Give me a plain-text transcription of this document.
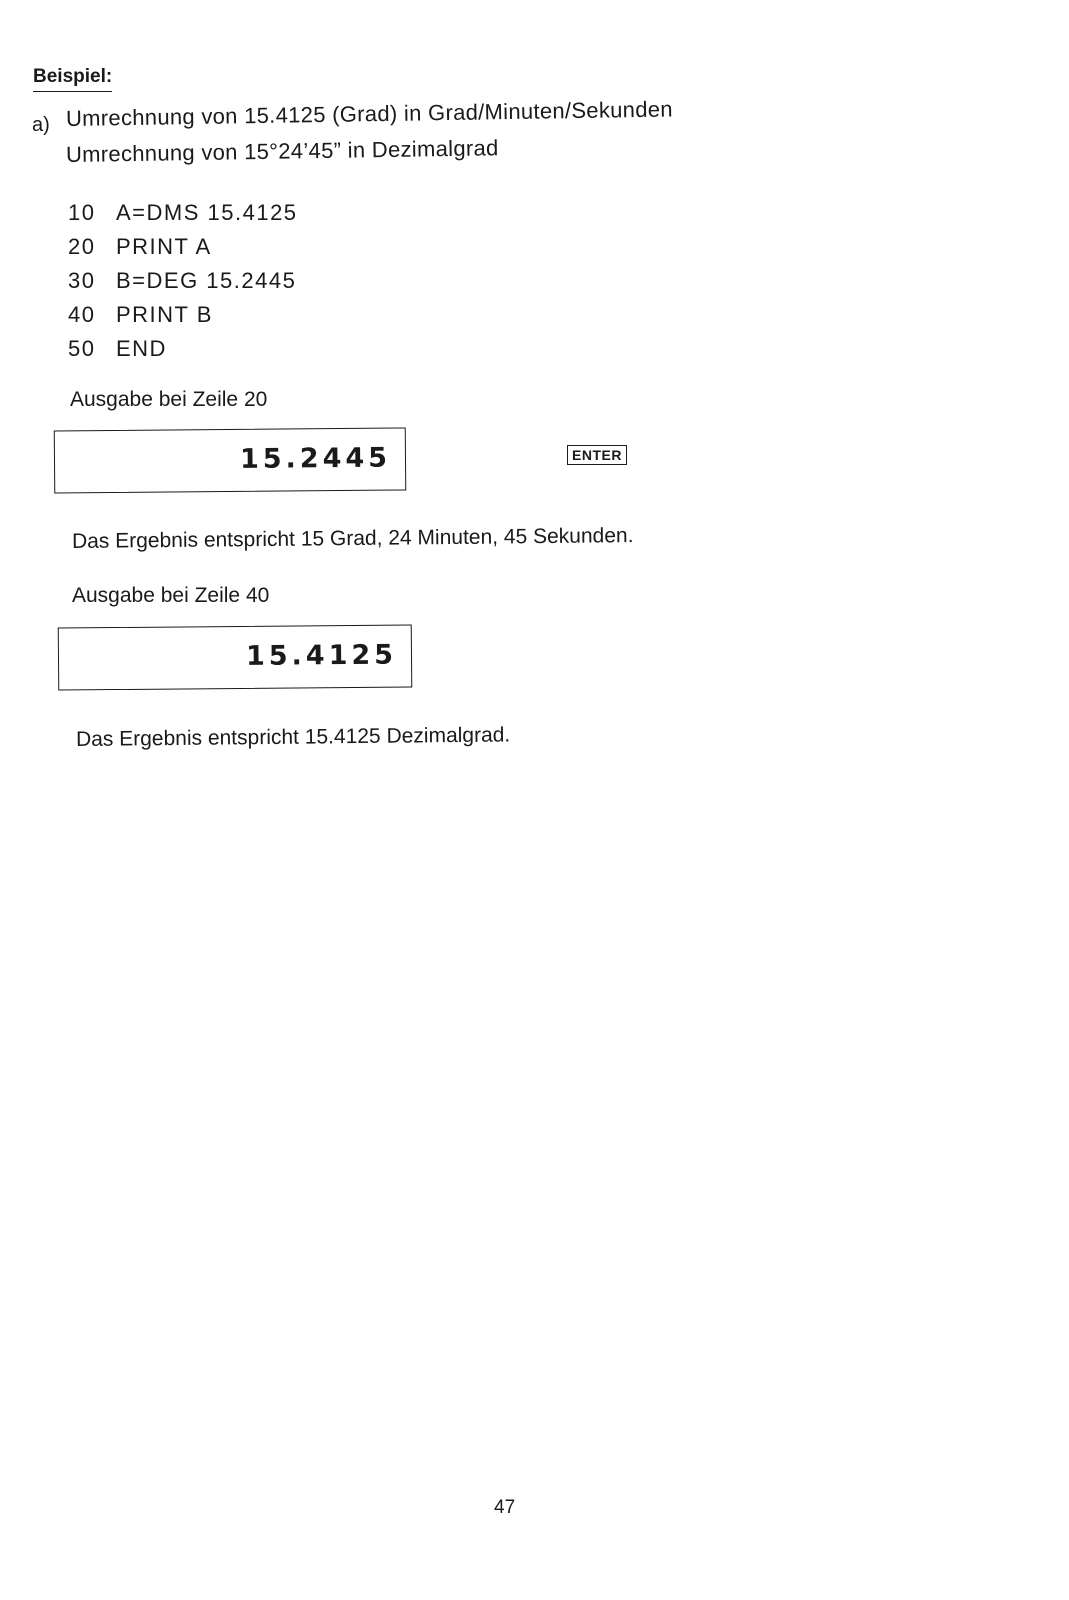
Beispiel:
a) Umrechnung von 15.4125 (Grad) in Grad/Minuten/Sekunden
Umrechnung von 15°24’45” in Dezimalgrad
10 A=DMS 15.4125
20 PRINT A
30 B=DEG 15.2445
40 PRINT B
50 END
Ausgabe bei Zeile 20
15.2445	ENTER
Das Ergebnis entspricht 15 Grad, 24 Minuten, 45 Sekunden.
Ausgabe bei Zeile 40
15.4125
Das Ergebnis entspricht 15.4125 Dezimalgrad.
47
